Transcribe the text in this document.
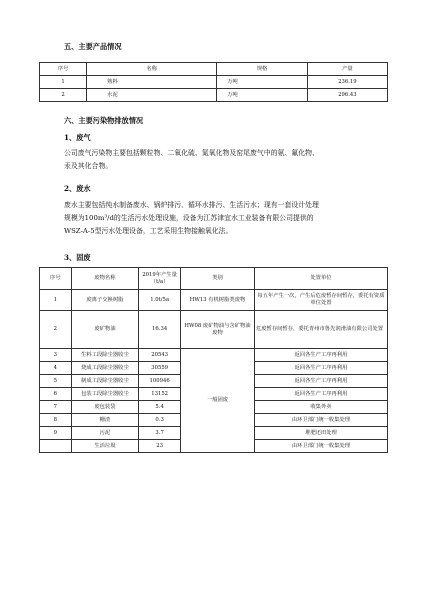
五、主要产品情况
序号	名称	规格	产量
1	熟料	万吨	236.19
2	水泥	万吨	296.43
六、主要污染物排放情况
1、废气
公司废气污染物主要包括颗粒物、二氧化硫、氮氧化物及窑尾废气中的氨、氟化物、
汞及其化合物。
2、废水
废水主要包括纯水制备废水、锅炉排污、循环水排污、生活污水；现有一套设计处理
规模为100m³/d的生活污水处理设施，设备为江苏津宜水工业装备有限公司提供的
WSZ-A-5型污水处理设备，工艺采用生物接触氧化法。
3、固废
序号	废物名称	2019年产生量（t/a）	类别	处置单位
1	废离子交换树脂	1.0t/5a	HW13 有机树脂类废物	每五年产生一次，产生后危废暂存间暂存，委托有资质单位处置
2	废矿物油	16.34	HW08 废矿物油与含矿物油废物	危废暂存间暂存，委托青州市鲁先润滑油有限公司处置
3	生料工段除尘器收尘	20543	一般固废	返回各生产工序再利用
4	烧成工段除尘器收尘	30559		返回各生产工序再利用
5	制成工段除尘器收尘	100946		返回各生产工序再利用
6	包装工段除尘器收尘	13152		返回各生产工序再利用
7	废包装袋	5.4		收集外卖
8	栅渣	0.3		由环卫部门统一收集处理
9	污泥	3.7		堆肥还田处理
	生活垃圾	23		由环卫部门统一收集处理
